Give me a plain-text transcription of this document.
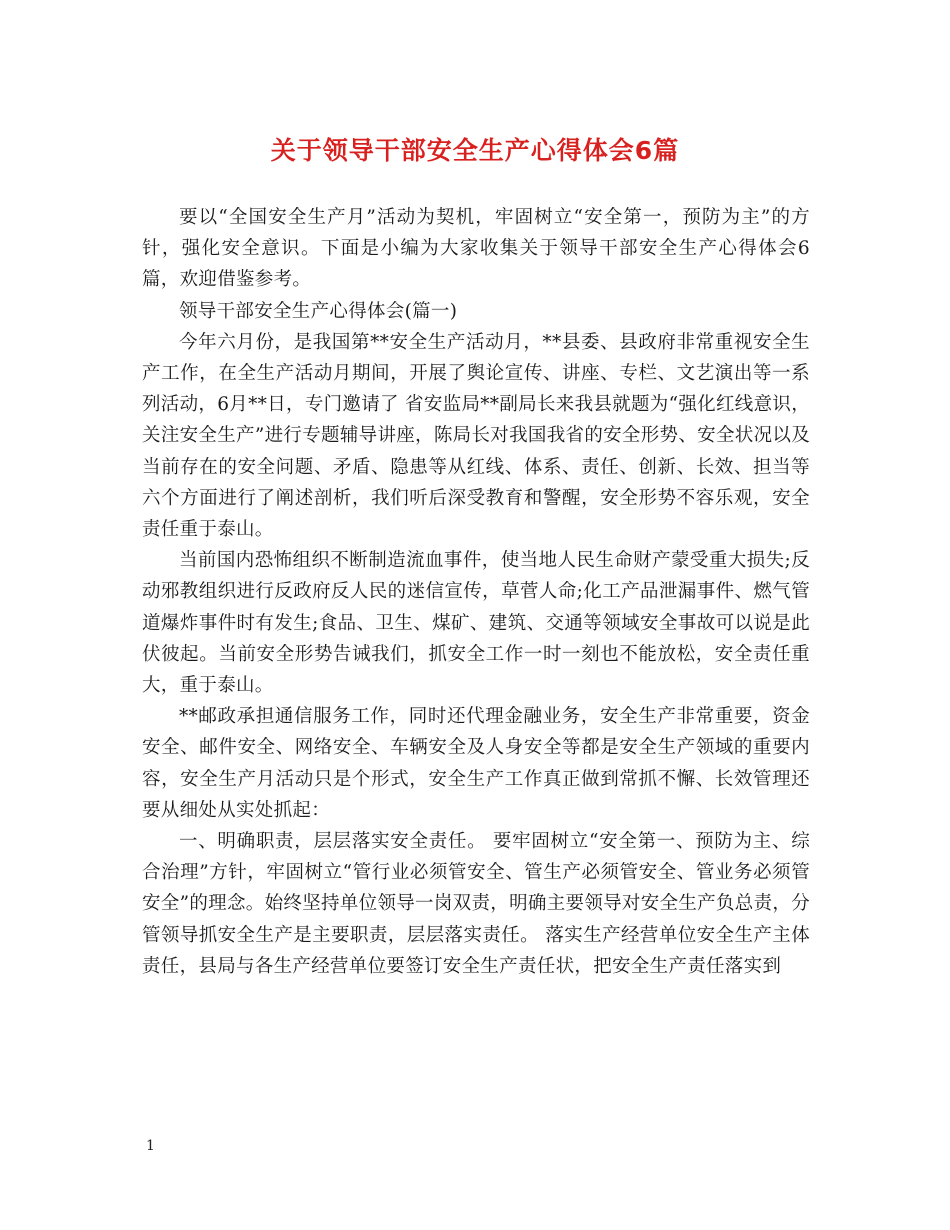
关于领导干部安全生产心得体会6篇

要以“全国安全生产月”活动为契机，牢固树立“安全第一，预防为主”的方针，强化安全意识。下面是小编为大家收集关于领导干部安全生产心得体会6篇，欢迎借鉴参考。

领导干部安全生产心得体会(篇一)

今年六月份，是我国第**安全生产活动月，**县委、县政府非常重视安全生产工作，在全生产活动月期间，开展了舆论宣传、讲座、专栏、文艺演出等一系列活动，6月**日，专门邀请了 省安监局**副局长来我县就题为“强化红线意识，关注安全生产”进行专题辅导讲座，陈局长对我国我省的安全形势、安全状况以及当前存在的安全问题、矛盾、隐患等从红线、体系、责任、创新、长效、担当等六个方面进行了阐述剖析，我们听后深受教育和警醒，安全形势不容乐观，安全责任重于泰山。

当前国内恐怖组织不断制造流血事件，使当地人民生命财产蒙受重大损失;反动邪教组织进行反政府反人民的迷信宣传，草菅人命;化工产品泄漏事件、燃气管道爆炸事件时有发生;食品、卫生、煤矿、建筑、交通等领域安全事故可以说是此伏彼起。当前安全形势告诫我们，抓安全工作一时一刻也不能放松，安全责任重大，重于泰山。

**邮政承担通信服务工作，同时还代理金融业务，安全生产非常重要，资金安全、邮件安全、网络安全、车辆安全及人身安全等都是安全生产领域的重要内容，安全生产月活动只是个形式，安全生产工作真正做到常抓不懈、长效管理还要从细处从实处抓起：

一、明确职责，层层落实安全责任。 要牢固树立“安全第一、预防为主、综合治理”方针，牢固树立“管行业必须管安全、管生产必须管安全、管业务必须管安全”的理念。始终坚持单位领导一岗双责，明确主要领导对安全生产负总责，分管领导抓安全生产是主要职责，层层落实责任。 落实生产经营单位安全生产主体责任，县局与各生产经营单位要签订安全生产责任状，把安全生产责任落实到

1
